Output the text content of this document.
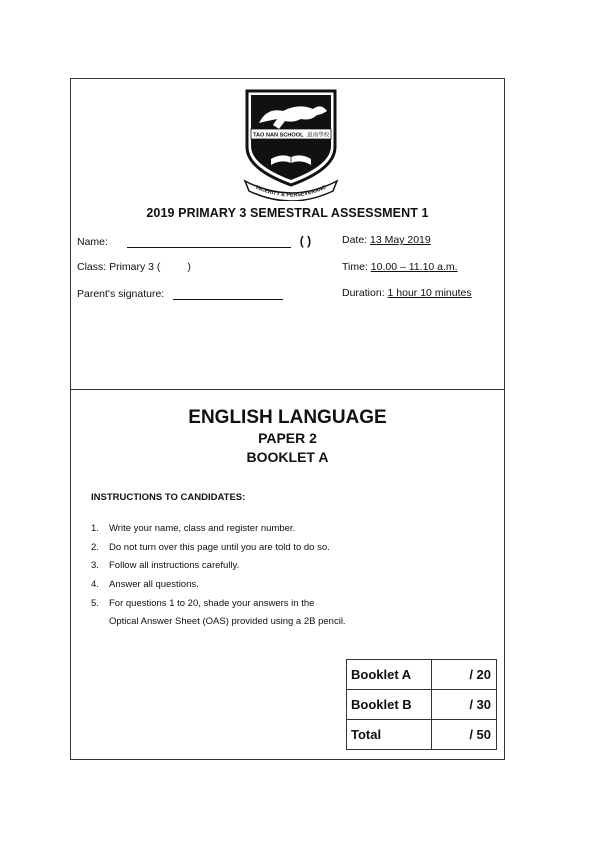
TAO NAN SCHOOL 道南學校
INCERITY & PERSEVERANC
2019 PRIMARY 3 SEMESTRAL ASSESSMENT 1
Name:	( )
Class: Primary 3 (	)
Parent's signature:
Date: 13 May 2019
Time: 10.00 – 11.10 a.m.
Duration: 1 hour 10 minutes
ENGLISH LANGUAGE
PAPER 2
BOOKLET A
INSTRUCTIONS TO CANDIDATES:
1. Write your name, class and register number.
2. Do not turn over this page until you are told to do so.
3. Follow all instructions carefully.
4. Answer all questions.
5. For questions 1 to 20, shade your answers in the
Optical Answer Sheet (OAS) provided using a 2B pencil.
Booklet A	/ 20
Booklet B	/ 30
Total	/ 50
